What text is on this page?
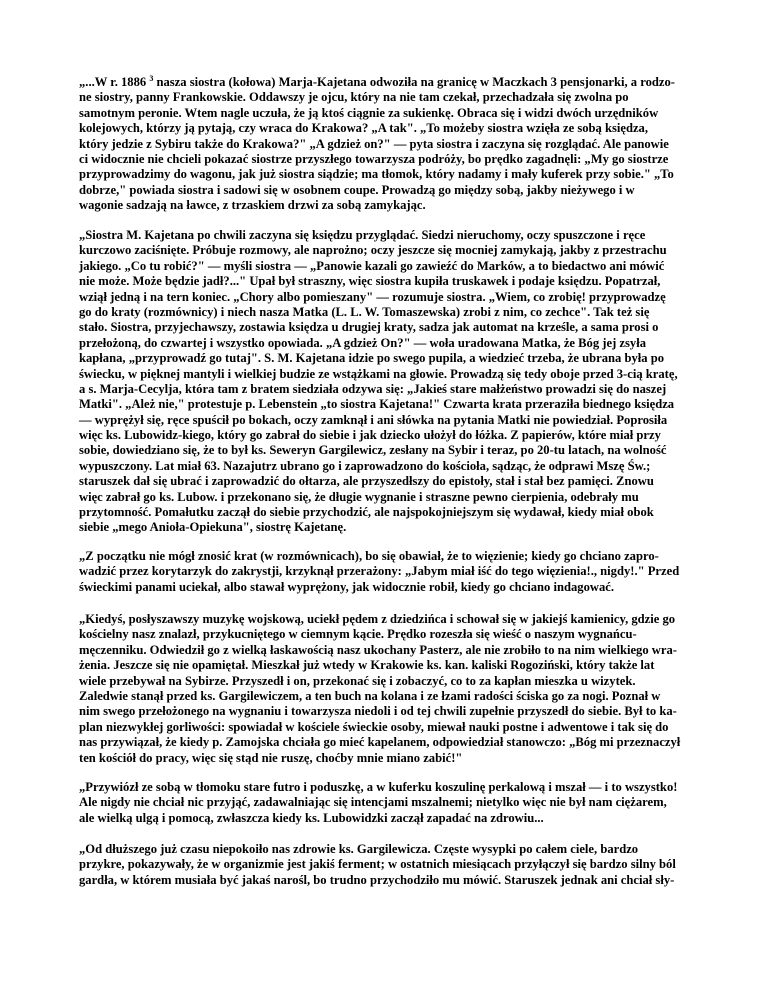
„...W r. 1886 $^3$ nasza siostra (kołowa) Marja-Kajetana odwoziła na granicę w Maczkach 3 pensjonarki, a rodzo-
ne siostry, panny Frankowskie. Oddawszy je ojcu, który na nie tam czekał, przechadzała się zwolna po
samotnym peronie. Wtem nagle uczuła, że ją ktoś ciągnie za sukienkę. Obraca się i widzi dwóch urzędników
kolejowych, którzy ją pytają, czy wraca do Krakowa? „A tak". „To możeby siostra wzięła ze sobą księdza,
który jedzie z Sybiru także do Krakowa?" „A gdzież on?" — pyta siostra i zaczyna się rozglądać. Ale panowie
ci widocznie nie chcieli pokazać siostrze przyszłego towarzysza podróży, bo prędko zagadnęli: „My go siostrze
przyprowadzimy do wagonu, jak już siostra siądzie; ma tłomok, który nadamy i mały kuferek przy sobie." „To
dobrze," powiada siostra i sadowi się w osobnem coupe. Prowadzą go między sobą, jakby nieżywego i w
wagonie sadzają na ławce, z trzaskiem drzwi za sobą zamykając.
„Siostra M. Kajetana po chwili zaczyna się księdzu przyglądać. Siedzi nieruchomy, oczy spuszczone i ręce
kurczowo zaciśnięte. Próbuje rozmowy, ale naprożno; oczy jeszcze się mocniej zamykają, jakby z przestrachu
jakiego. „Co tu robić?" — myśli siostra — „Panowie kazali go zawieźć do Marków, a to biedactwo ani mówić
nie może. Może będzie jadł?..." Upał był straszny, więc siostra kupiła truskawek i podaje księdzu. Popatrzał,
wziął jedną i na tern koniec. „Chory albo pomieszany" — rozumuje siostra. „Wiem, co zrobię! przyprowadzę
go do kraty (rozmównicy) i niech nasza Matka (L. L. W. Tomaszewska) zrobi z nim, co zechce". Tak też się
stało. Siostra, przyjechawszy, zostawia księdza u drugiej kraty, sadza jak automat na krześle, a sama prosi o
przełożoną, do czwartej i wszystko opowiada. „A gdzież On?" — woła uradowana Matka, że Bóg jej zsyła
kapłana, „przyprowadź go tutaj". S. M. Kajetana idzie po swego pupila, a wiedzieć trzeba, że ubrana była po
świecku, w pięknej mantyli i wielkiej budzie ze wstążkami na głowie. Prowadzą się tedy oboje przed 3-cią kratę,
a s. Marja-Cecylja, która tam z bratem siedziała odzywa się: „Jakieś stare małżeństwo prowadzi się do naszej
Matki". „Ależ nie," protestuje p. Lebenstein „to siostra Kajetana!" Czwarta krata przeraziła biednego księdza
— wyprężył się, ręce spuścił po bokach, oczy zamknął i ani słówka na pytania Matki nie powiedział. Poprosiła
więc ks. Lubowidz-kiego, który go zabrał do siebie i jak dziecko ułożył do łóżka. Z papierów, które miał przy
sobie, dowiedziano się, że to był ks. Seweryn Gargilewicz, zesłany na Sybir i teraz, po 20-tu latach, na wolność
wypuszczony. Lat miał 63. Nazajutrz ubrano go i zaprowadzono do kościoła, sądząc, że odprawi Mszę Św.;
staruszek dał się ubrać i zaprowadzić do ołtarza, ale przyszedłszy do epistoły, stał i stał bez pamięci. Znowu
więc zabrał go ks. Lubow. i przekonano się, że długie wygnanie i straszne pewno cierpienia, odebrały mu
przytomność. Pomałutku zaczął do siebie przychodzić, ale najspokojniejszym się wydawał, kiedy miał obok
siebie „mego Anioła-Opiekuna", siostrę Kajetanę.
„Z początku nie mógł znosić krat (w rozmównicach), bo się obawiał, że to więzienie; kiedy go chciano zapro-
wadzić przez korytarzyk do zakrystji, krzyknął przerażony: „Jabym miał iść do tego więzienia!., nigdy!." Przed
świeckimi panami uciekał, albo stawał wyprężony, jak widocznie robił, kiedy go chciano indagować.
„Kiedyś, posłyszawszy muzykę wojskową, uciekł pędem z dziedzińca i schował się w jakiejś kamienicy, gdzie go
kościelny nasz znalazł, przykucniętego w ciemnym kącie. Prędko rozeszła się wieść o naszym wygnańcu-
męczenniku. Odwiedził go z wielką łaskawością nasz ukochany Pasterz, ale nie zrobiło to na nim wielkiego wra-
żenia. Jeszcze się nie opamiętał. Mieszkał już wtedy w Krakowie ks. kan. kaliski Rogoziński, który także lat
wiele przebywał na Sybirze. Przyszedł i on, przekonać się i zobaczyć, co to za kapłan mieszka u wizytek.
Zaledwie stanął przed ks. Gargilewiczem, a ten buch na kolana i ze łzami radości ściska go za nogi. Poznał w
nim swego przełożonego na wygnaniu i towarzysza niedoli i od tej chwili zupełnie przyszedł do siebie. Był to ka-
plan niezwykłej gorliwości: spowiadał w kościele świeckie osoby, miewał nauki postne i adwentowe i tak się do
nas przywiązał, że kiedy p. Zamojska chciała go mieć kapelanem, odpowiedział stanowczo: „Bóg mi przeznaczył
ten kościół do pracy, więc się stąd nie ruszę, choćby mnie miano zabić!"
„Przywiózł ze sobą w tłomoku stare futro i poduszkę, a w kuferku koszulinę perkalową i mszał — i to wszystko!
Ale nigdy nie chciał nic przyjąć, zadawalniając się intencjami mszalnemi; nietylko więc nie był nam ciężarem,
ale wielką ulgą i pomocą, zwłaszcza kiedy ks. Lubowidzki zaczął zapadać na zdrowiu...
„Od dłuższego już czasu niepokoiło nas zdrowie ks. Gargilewicza. Częste wysypki po całem ciele, bardzo
przykre, pokazywały, że w organizmie jest jakiś ferment; w ostatnich miesiącach przyłączył się bardzo silny ból
gardła, w którem musiała być jakaś narośl, bo trudno przychodziło mu mówić. Staruszek jednak ani chciał sły-
